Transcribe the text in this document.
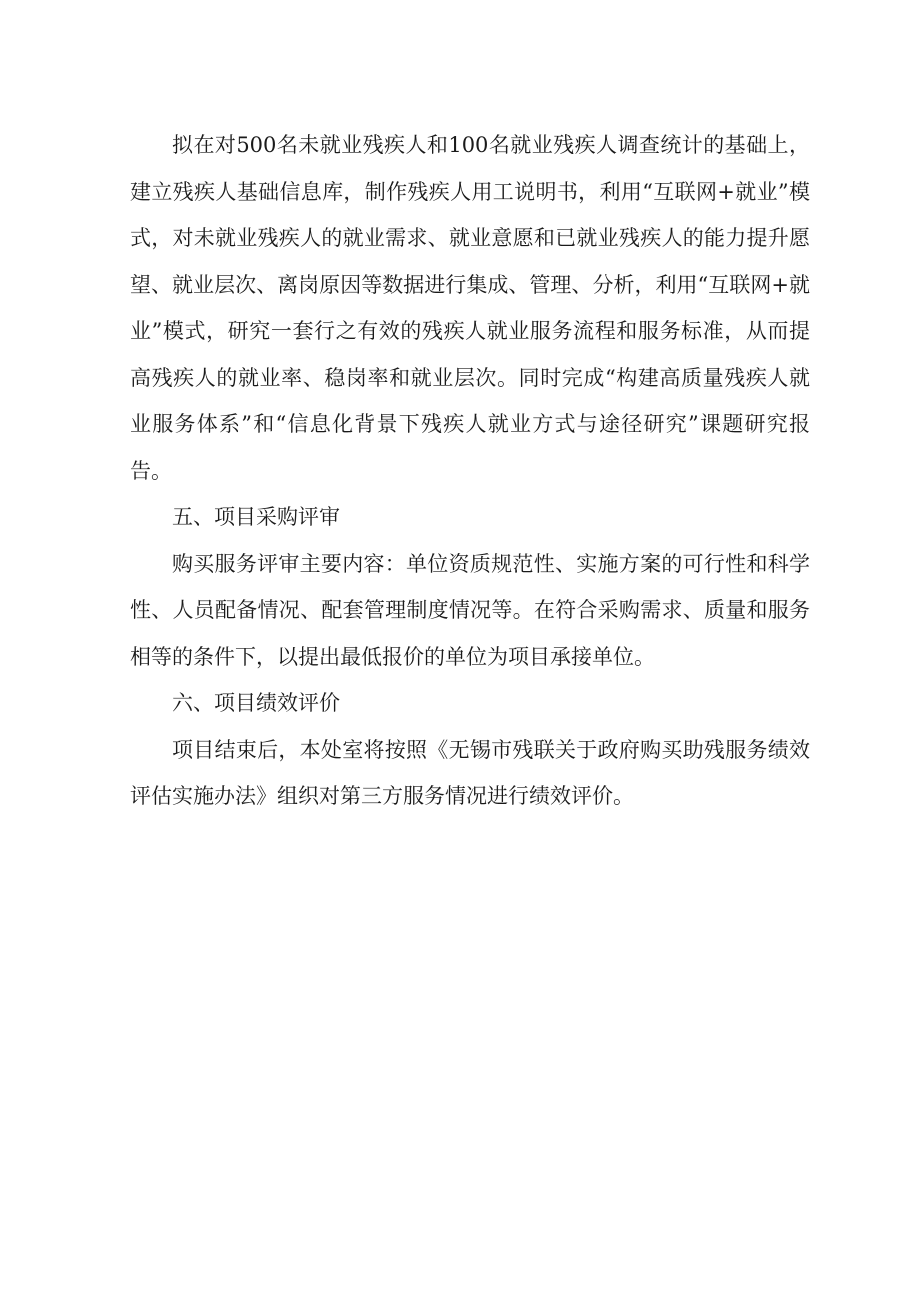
拟在对500名未就业残疾人和100名就业残疾人调查统计的基础上，建立残疾人基础信息库，制作残疾人用工说明书，利用“互联网+就业”模式，对未就业残疾人的就业需求、就业意愿和已就业残疾人的能力提升愿望、就业层次、离岗原因等数据进行集成、管理、分析，利用“互联网+就业”模式，研究一套行之有效的残疾人就业服务流程和服务标准，从而提高残疾人的就业率、稳岗率和就业层次。同时完成“构建高质量残疾人就业服务体系”和“信息化背景下残疾人就业方式与途径研究”课题研究报告。

五、项目采购评审

购买服务评审主要内容：单位资质规范性、实施方案的可行性和科学性、人员配备情况、配套管理制度情况等。在符合采购需求、质量和服务相等的条件下，以提出最低报价的单位为项目承接单位。

六、项目绩效评价

项目结束后，本处室将按照《无锡市残联关于政府购买助残服务绩效评估实施办法》组织对第三方服务情况进行绩效评价。
